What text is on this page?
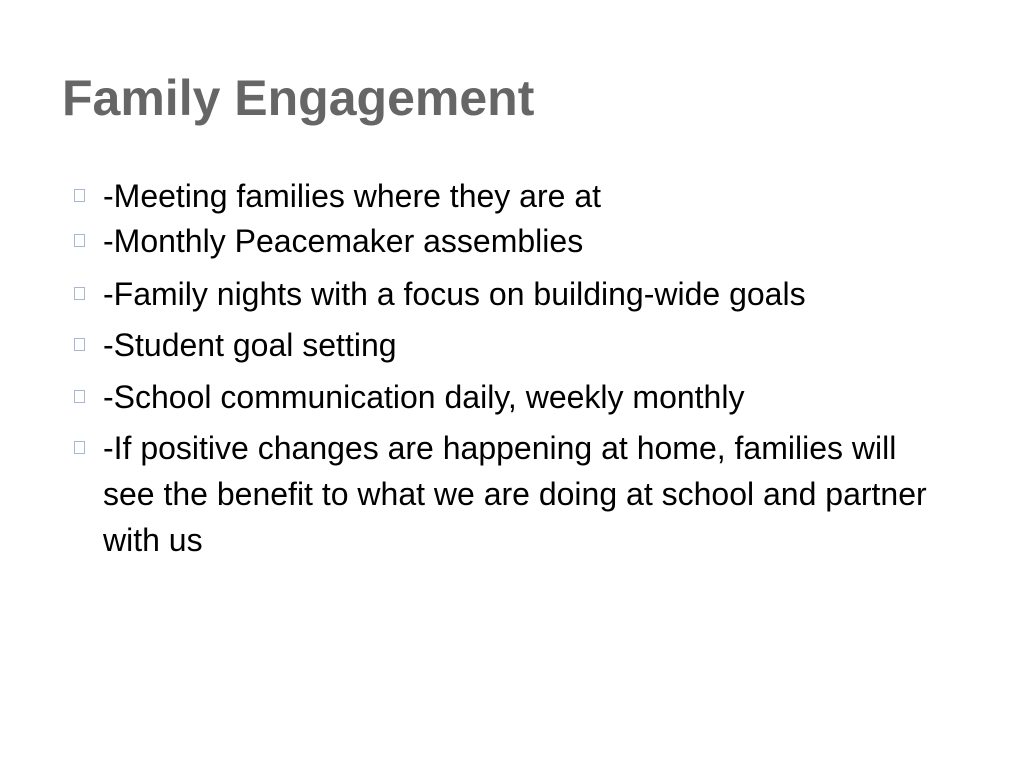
Family Engagement
-Meeting families where they are at
-Monthly Peacemaker assemblies
-Family nights with a focus on building-wide goals
-Student goal setting
-School communication daily, weekly monthly
-If positive changes are happening at home, families will see the benefit to what we are doing at school and partner with us
